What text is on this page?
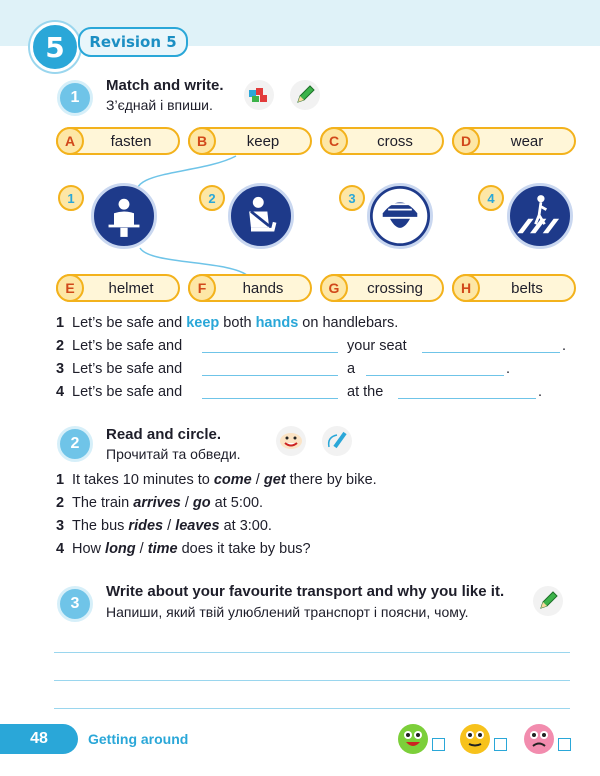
5	Revision 5
1
Match and write.
З’єднай і впиши.
A	fasten	B	keep	C	cross	D	wear
1	2	3	4
E	helmet	F	hands	G	crossing	H	belts
1 Let’s be safe and keep both hands on handlebars.
2 Let’s be safe and	your seat	.
3 Let’s be safe and	a	.
4 Let’s be safe and	at the	.
2
Read and circle.
Прочитай та обведи.
1 It takes 10 minutes to come / get there by bike.
2 The train arrives / go at 5:00.
3 The bus rides / leaves at 3:00.
4 How long / time does it take by bus?
3
Write about your favourite transport and why you like it.
Напиши, який твій улюблений транспорт і поясни, чому.
48	Getting around
